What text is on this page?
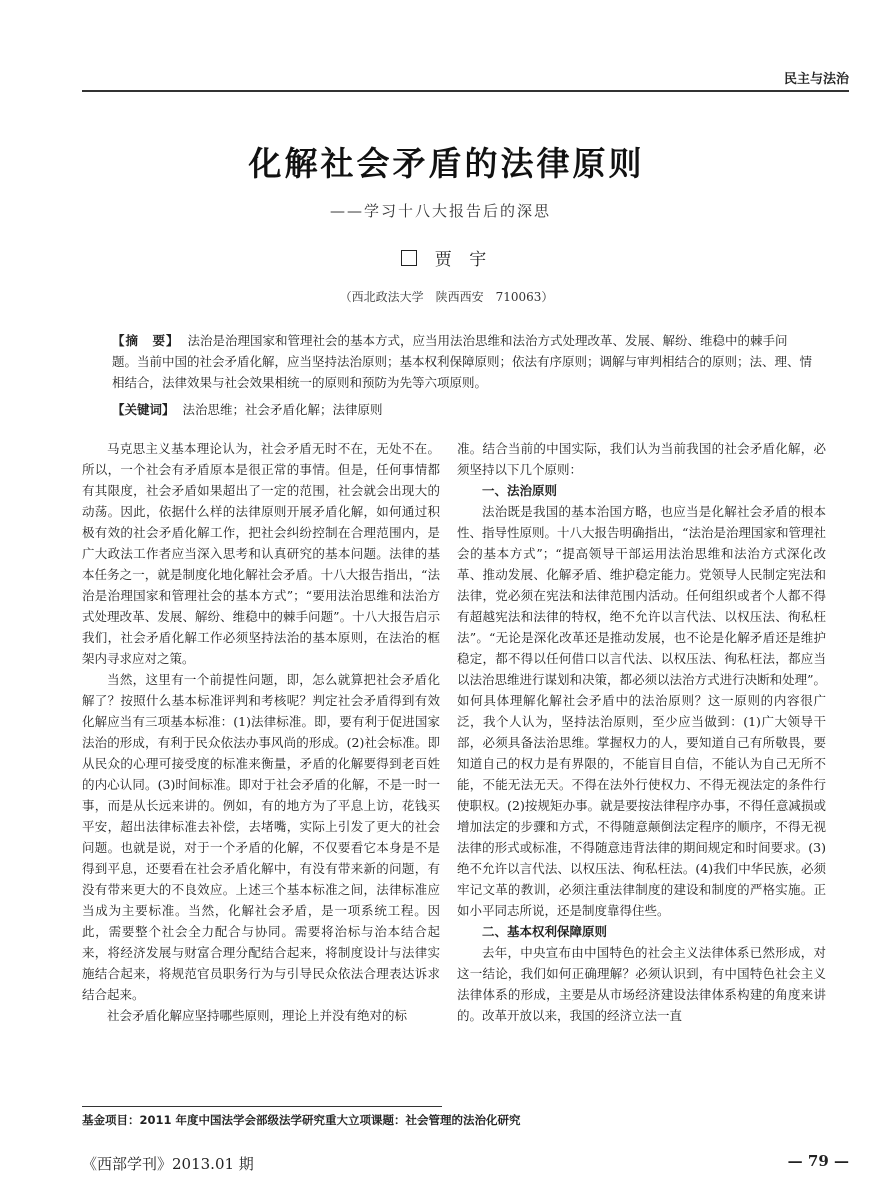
民主与法治
化解社会矛盾的法律原则
——学习十八大报告后的深思
贾 宇
（西北政法大学　陕西西安　710063）
【摘　要】 法治是治理国家和管理社会的基本方式，应当用法治思维和法治方式处理改革、发展、解纷、维稳中的棘手问题。当前中国的社会矛盾化解，应当坚持法治原则；基本权利保障原则；依法有序原则；调解与审判相结合的原则；法、理、情相结合，法律效果与社会效果相统一的原则和预防为先等六项原则。
【关键词】 法治思维；社会矛盾化解；法律原则

马克思主义基本理论认为，社会矛盾无时不在，无处不在。所以，一个社会有矛盾原本是很正常的事情。但是，任何事情都有其限度，社会矛盾如果超出了一定的范围，社会就会出现大的动荡。因此，依据什么样的法律原则开展矛盾化解，如何通过积极有效的社会矛盾化解工作，把社会纠纷控制在合理范围内，是广大政法工作者应当深入思考和认真研究的基本问题。法律的基本任务之一，就是制度化地化解社会矛盾。十八大报告指出，“法治是治理国家和管理社会的基本方式”；“要用法治思维和法治方式处理改革、发展、解纷、维稳中的棘手问题”。十八大报告启示我们，社会矛盾化解工作必须坚持法治的基本原则，在法治的框架内寻求应对之策。

当然，这里有一个前提性问题，即，怎么就算把社会矛盾化解了？按照什么基本标准评判和考核呢？判定社会矛盾得到有效化解应当有三项基本标准：(1)法律标准。即，要有利于促进国家法治的形成，有利于民众依法办事风尚的形成。(2)社会标准。即从民众的心理可接受度的标准来衡量，矛盾的化解要得到老百姓的内心认同。(3)时间标准。即对于社会矛盾的化解，不是一时一事，而是从长远来讲的。例如，有的地方为了平息上访，花钱买平安，超出法律标准去补偿，去堵嘴，实际上引发了更大的社会问题。也就是说，对于一个矛盾的化解，不仅要看它本身是不是得到平息，还要看在社会矛盾化解中，有没有带来新的问题，有没有带来更大的不良效应。上述三个基本标准之间，法律标准应当成为主要标准。当然，化解社会矛盾，是一项系统工程。因此，需要整个社会全力配合与协同。需要将治标与治本结合起来，将经济发展与财富合理分配结合起来，将制度设计与法律实施结合起来，将规范官员职务行为与引导民众依法合理表达诉求结合起来。

社会矛盾化解应坚持哪些原则，理论上并没有绝对的标

准。结合当前的中国实际，我们认为当前我国的社会矛盾化解，必须坚持以下几个原则：

一、法治原则

法治既是我国的基本治国方略，也应当是化解社会矛盾的根本性、指导性原则。十八大报告明确指出，“法治是治理国家和管理社会的基本方式”；“提高领导干部运用法治思维和法治方式深化改革、推动发展、化解矛盾、维护稳定能力。党领导人民制定宪法和法律，党必须在宪法和法律范围内活动。任何组织或者个人都不得有超越宪法和法律的特权，绝不允许以言代法、以权压法、徇私枉法”。“无论是深化改革还是推动发展，也不论是化解矛盾还是维护稳定，都不得以任何借口以言代法、以权压法、徇私枉法，都应当以法治思维进行谋划和决策，都必须以法治方式进行决断和处理”。如何具体理解化解社会矛盾中的法治原则？这一原则的内容很广泛，我个人认为，坚持法治原则，至少应当做到：(1)广大领导干部，必须具备法治思维。掌握权力的人，要知道自己有所敬畏，要知道自己的权力是有界限的，不能盲目自信，不能认为自己无所不能，不能无法无天。不得在法外行使权力、不得无视法定的条件行使职权。(2)按规矩办事。就是要按法律程序办事，不得任意减损或增加法定的步骤和方式，不得随意颠倒法定程序的顺序，不得无视法律的形式或标准，不得随意违背法律的期间规定和时间要求。(3)绝不允许以言代法、以权压法、徇私枉法。(4)我们中华民族，必须牢记文革的教训，必须注重法律制度的建设和制度的严格实施。正如小平同志所说，还是制度靠得住些。

二、基本权利保障原则

去年，中央宣布由中国特色的社会主义法律体系已然形成，对这一结论，我们如何正确理解？必须认识到，有中国特色社会主义法律体系的形成，主要是从市场经济建设法律体系构建的角度来讲的。改革开放以来，我国的经济立法一直

基金项目：2011 年度中国法学会部级法学研究重大立项课题：社会管理的法治化研究
《西部学刊》2013.01 期	— 79 —
